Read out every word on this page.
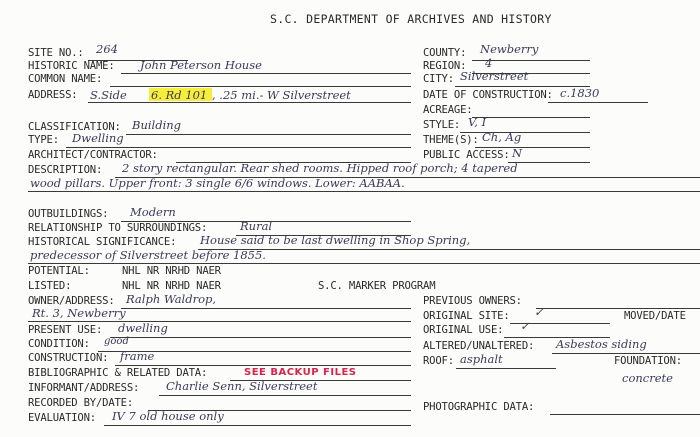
S.C. DEPARTMENT OF ARCHIVES AND HISTORY
SITE NO.: 264
HISTORIC NAME: John Peterson House
COMMON NAME:
ADDRESS: S.Side 6. Rd 101 , .25 mi.- W Silverstreet
CLASSIFICATION: Building
TYPE: Dwelling
ARCHITECT/CONTRACTOR:
DESCRIPTION: 2 story rectangular. Rear shed rooms. Hipped roof porch; 4 tapered
wood pillars. Upper front: 3 single 6/6 windows. Lower: AABAA.
OUTBUILDINGS: Modern
RELATIONSHIP TO SURROUNDINGS:	Rural
HISTORICAL SIGNIFICANCE: House said to be last dwelling in Shop Spring,
predecessor of Silverstreet before 1855.
POTENTIAL:	NHL NR NRHD NAER
LISTED:	NHL NR NRHD NAER	S.C. MARKER PROGRAM
OWNER/ADDRESS: Ralph Waldrop,
Rt. 3, Newberry
PRESENT USE: dwelling
CONDITION: good
CONSTRUCTION: frame
BIBLIOGRAPHIC & RELATED DATA:	SEE BACKUP FILES
INFORMANT/ADDRESS: Charlie Senn, Silverstreet
RECORDED BY/DATE:
EVALUATION: IV 7 old house only
COUNTY: Newberry
REGION: 4
CITY: Silverstreet
DATE OF CONSTRUCTION: c.1830
ACREAGE:
STYLE: V, I
THEME(S): Ch, Ag
PUBLIC ACCESS: N
PREVIOUS OWNERS:
ORIGINAL SITE: ✓	MOVED/DATE
ORIGINAL USE: ✓
ALTERED/UNALTERED: Asbestos siding
ROOF: asphalt	FOUNDATION:
concrete
PHOTOGRAPHIC DATA:
